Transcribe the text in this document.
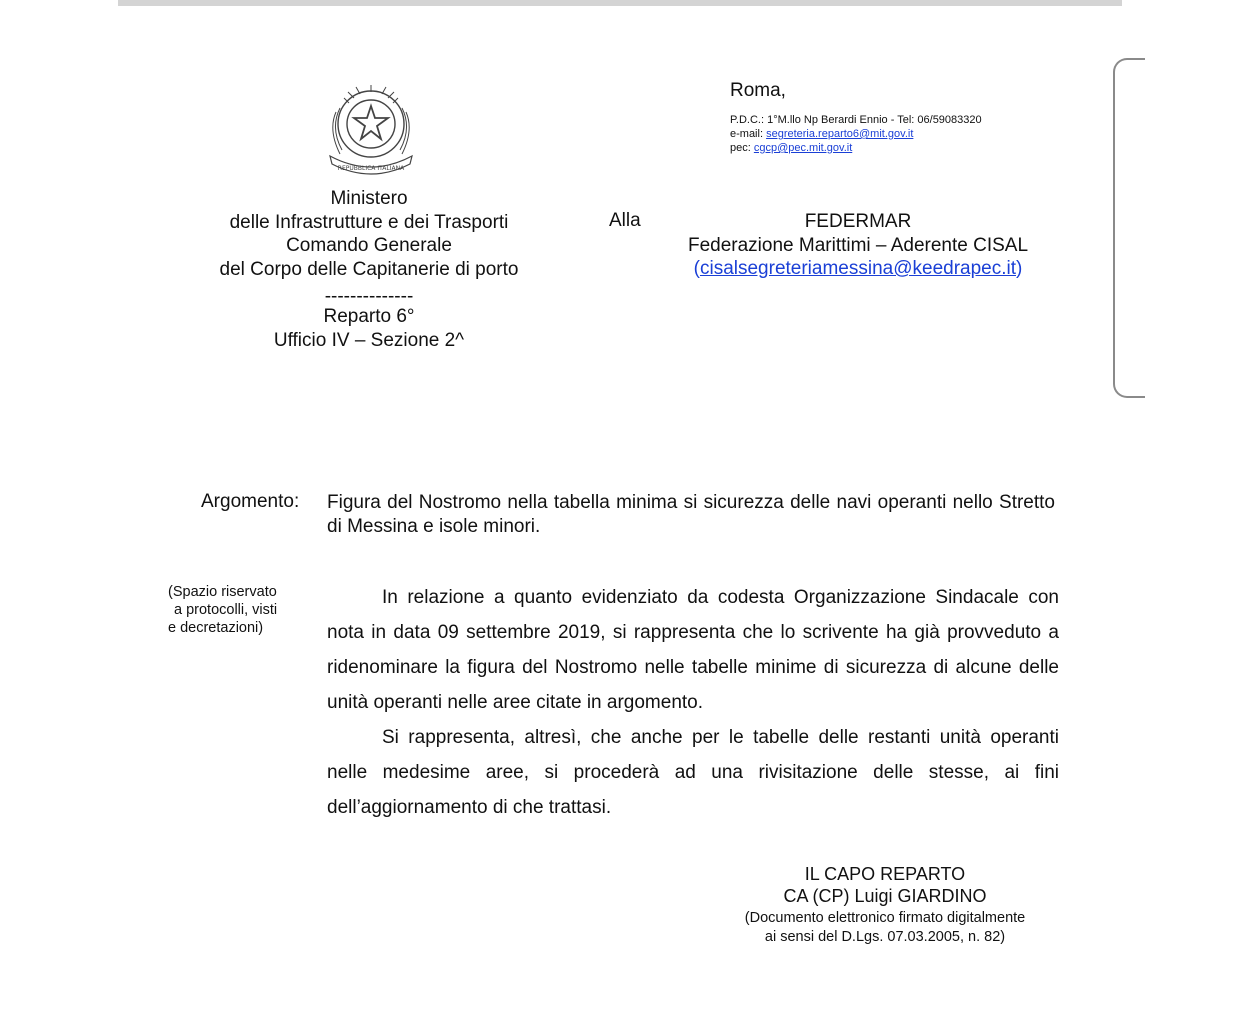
REPUBBLICA ITALIANA
Ministero
delle Infrastrutture e dei Trasporti
Comando Generale
del Corpo delle Capitanerie di porto
--------------
Reparto 6°
Ufficio IV – Sezione 2^
Roma,
P.D.C.: 1°M.llo Np Berardi Ennio - Tel: 06/59083320
e-mail: segreteria.reparto6@mit.gov.it
pec: cgcp@pec.mit.gov.it
Alla	FEDERMAR
Federazione Marittimi – Aderente CISAL
(cisalsegreteriamessina@keedrapec.it)
Argomento: Figura del Nostromo nella tabella minima si sicurezza delle navi operanti nello Stretto di Messina e isole minori.
(Spazio riservato
a protocolli, visti
e decretazioni)

In relazione a quanto evidenziato da codesta Organizzazione Sindacale con nota in data 09 settembre 2019, si rappresenta che lo scrivente ha già provveduto a ridenominare la figura del Nostromo nelle tabelle minime di sicurezza di alcune delle unità operanti nelle aree citate in argomento.

Si rappresenta, altresì, che anche per le tabelle delle restanti unità operanti nelle medesime aree, si procederà ad una rivisitazione delle stesse, ai fini dell’aggiornamento di che trattasi.

IL CAPO REPARTO
CA (CP) Luigi GIARDINO
(Documento elettronico firmato digitalmente
ai sensi del D.Lgs. 07.03.2005, n. 82)
